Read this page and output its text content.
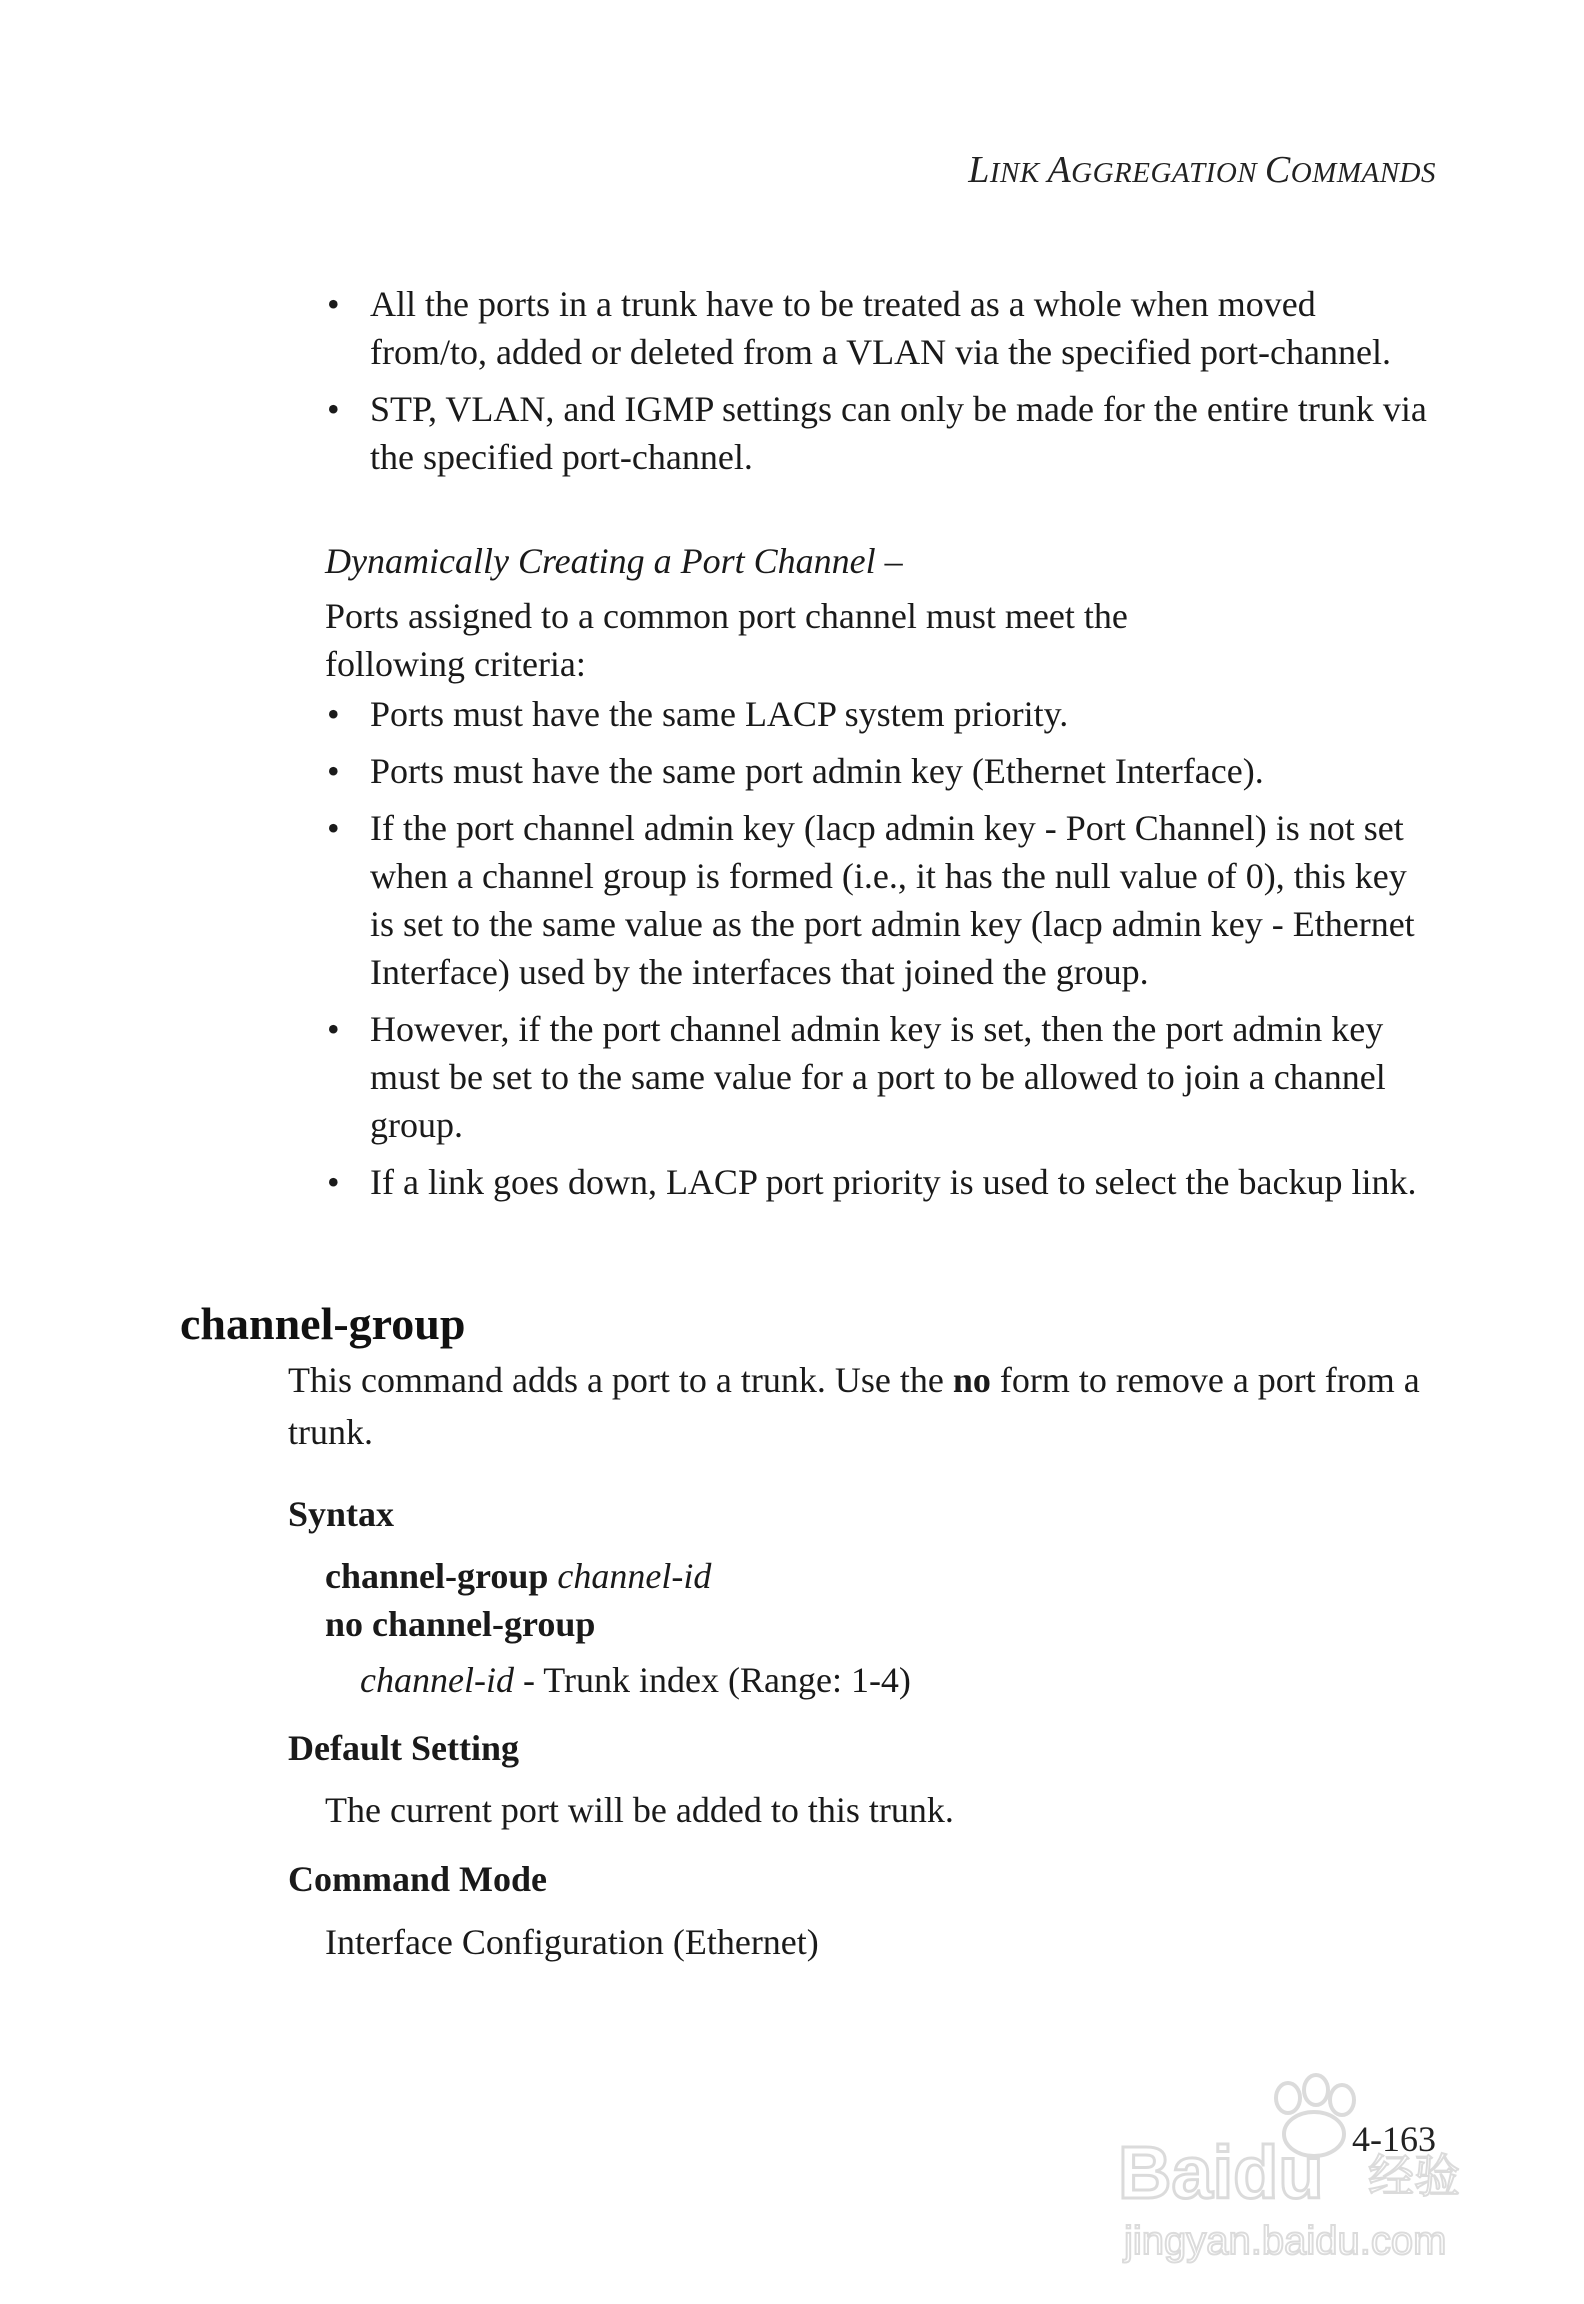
LINK AGGREGATION COMMANDS
• All the ports in a trunk have to be treated as a whole when moved from/to, added or deleted from a VLAN via the specified port-channel.
• STP, VLAN, and IGMP settings can only be made for the entire trunk via the specified port-channel.
Dynamically Creating a Port Channel –
Ports assigned to a common port channel must meet the following criteria:
• Ports must have the same LACP system priority.
• Ports must have the same port admin key (Ethernet Interface).
• If the port channel admin key (lacp admin key - Port Channel) is not set when a channel group is formed (i.e., it has the null value of 0), this key is set to the same value as the port admin key (lacp admin key - Ethernet Interface) used by the interfaces that joined the group.
• However, if the port channel admin key is set, then the port admin key must be set to the same value for a port to be allowed to join a channel group.
• If a link goes down, LACP port priority is used to select the backup link.
channel-group
This command adds a port to a trunk. Use the no form to remove a port from a trunk.
Syntax
channel-group channel-id
no channel-group
channel-id - Trunk index (Range: 1-4)
Default Setting
The current port will be added to this trunk.
Command Mode
Interface Configuration (Ethernet)
4-163
Baidu 经验
jingyan.baidu.com
